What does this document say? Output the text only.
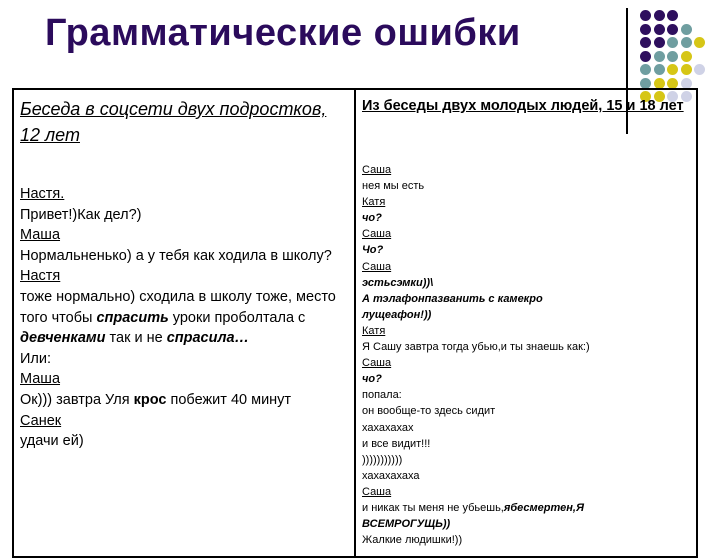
Грамматические ошибки
Беседа в соцсети двух подростков, 12 лет
Настя.
Привет!)Как дел?)
Маша
Нормальненько) а у тебя как ходила в школу?
Настя
тоже нормально) сходила в школу тоже, место того чтобы спрасить уроки проболтала с девченками так и не спрасила…
Или:
Маша
Ок))) завтра Уля крос побежит 40 минут
Санек
удачи ей)
Из беседы двух молодых людей, 15 и 18 лет
Саша
нея мы есть
Катя
чо?
Саша
Чо?
Саша
эстьсэмки))\
А тэлафонпазванить с камекро
лущеафон!))
Катя
Я Сашу завтра тогда убью,и ты знаешь как:)
Саша
чо?
попала:
он вообще-то здесь сидит
хахахахах
и все видит!!!
)))))))))))
хахахахаха
Саша
и никак ты меня не убьешь,ябесмертен,Я
ВСЕМРОГУЩЬ))
Жалкие людишки!))
